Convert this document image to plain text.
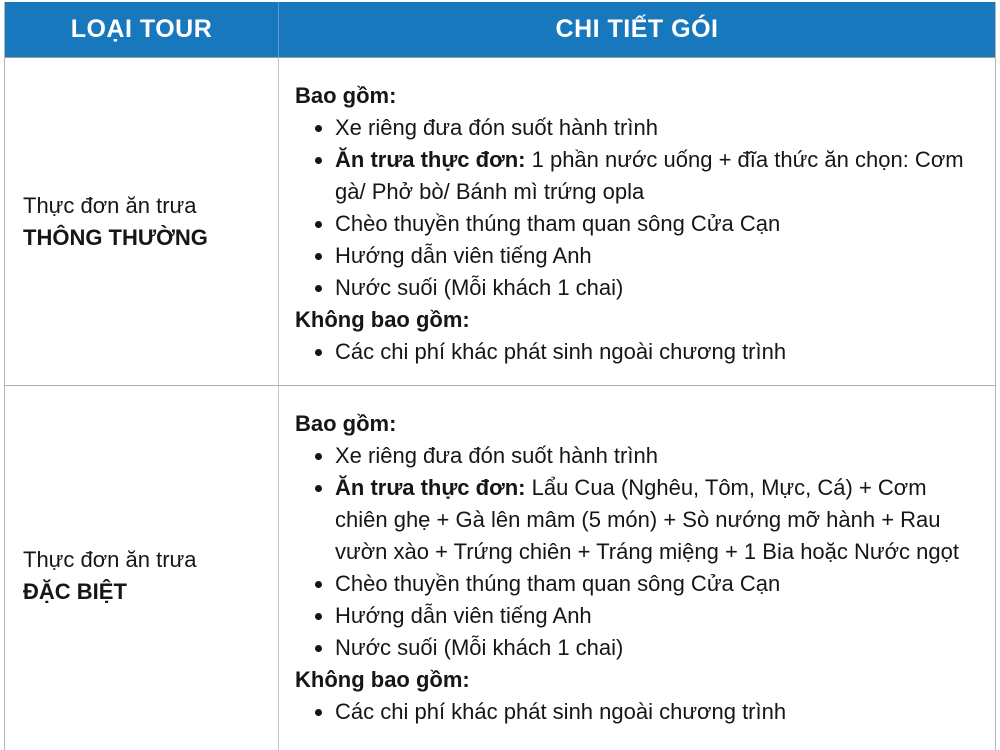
LOẠI TOUR	CHI TIẾT GÓI
Thực đơn ăn trưa
THÔNG THƯỜNG
Bao gồm:
Xe riêng đưa đón suốt hành trình
Ăn trưa thực đơn: 1 phần nước uống + đĩa thức ăn chọn: Cơm gà/ Phở bò/ Bánh mì trứng opla
Chèo thuyền thúng tham quan sông Cửa Cạn
Hướng dẫn viên tiếng Anh
Nước suối (Mỗi khách 1 chai)
Không bao gồm:
Các chi phí khác phát sinh ngoài chương trình
Thực đơn ăn trưa
ĐẶC BIỆT
Bao gồm:
Xe riêng đưa đón suốt hành trình
Ăn trưa thực đơn: Lẩu Cua (Nghêu, Tôm, Mực, Cá) + Cơm chiên ghẹ + Gà lên mâm (5 món) + Sò nướng mỡ hành + Rau vườn xào + Trứng chiên + Tráng miệng + 1 Bia hoặc Nước ngọt
Chèo thuyền thúng tham quan sông Cửa Cạn
Hướng dẫn viên tiếng Anh
Nước suối (Mỗi khách 1 chai)
Không bao gồm:
Các chi phí khác phát sinh ngoài chương trình
